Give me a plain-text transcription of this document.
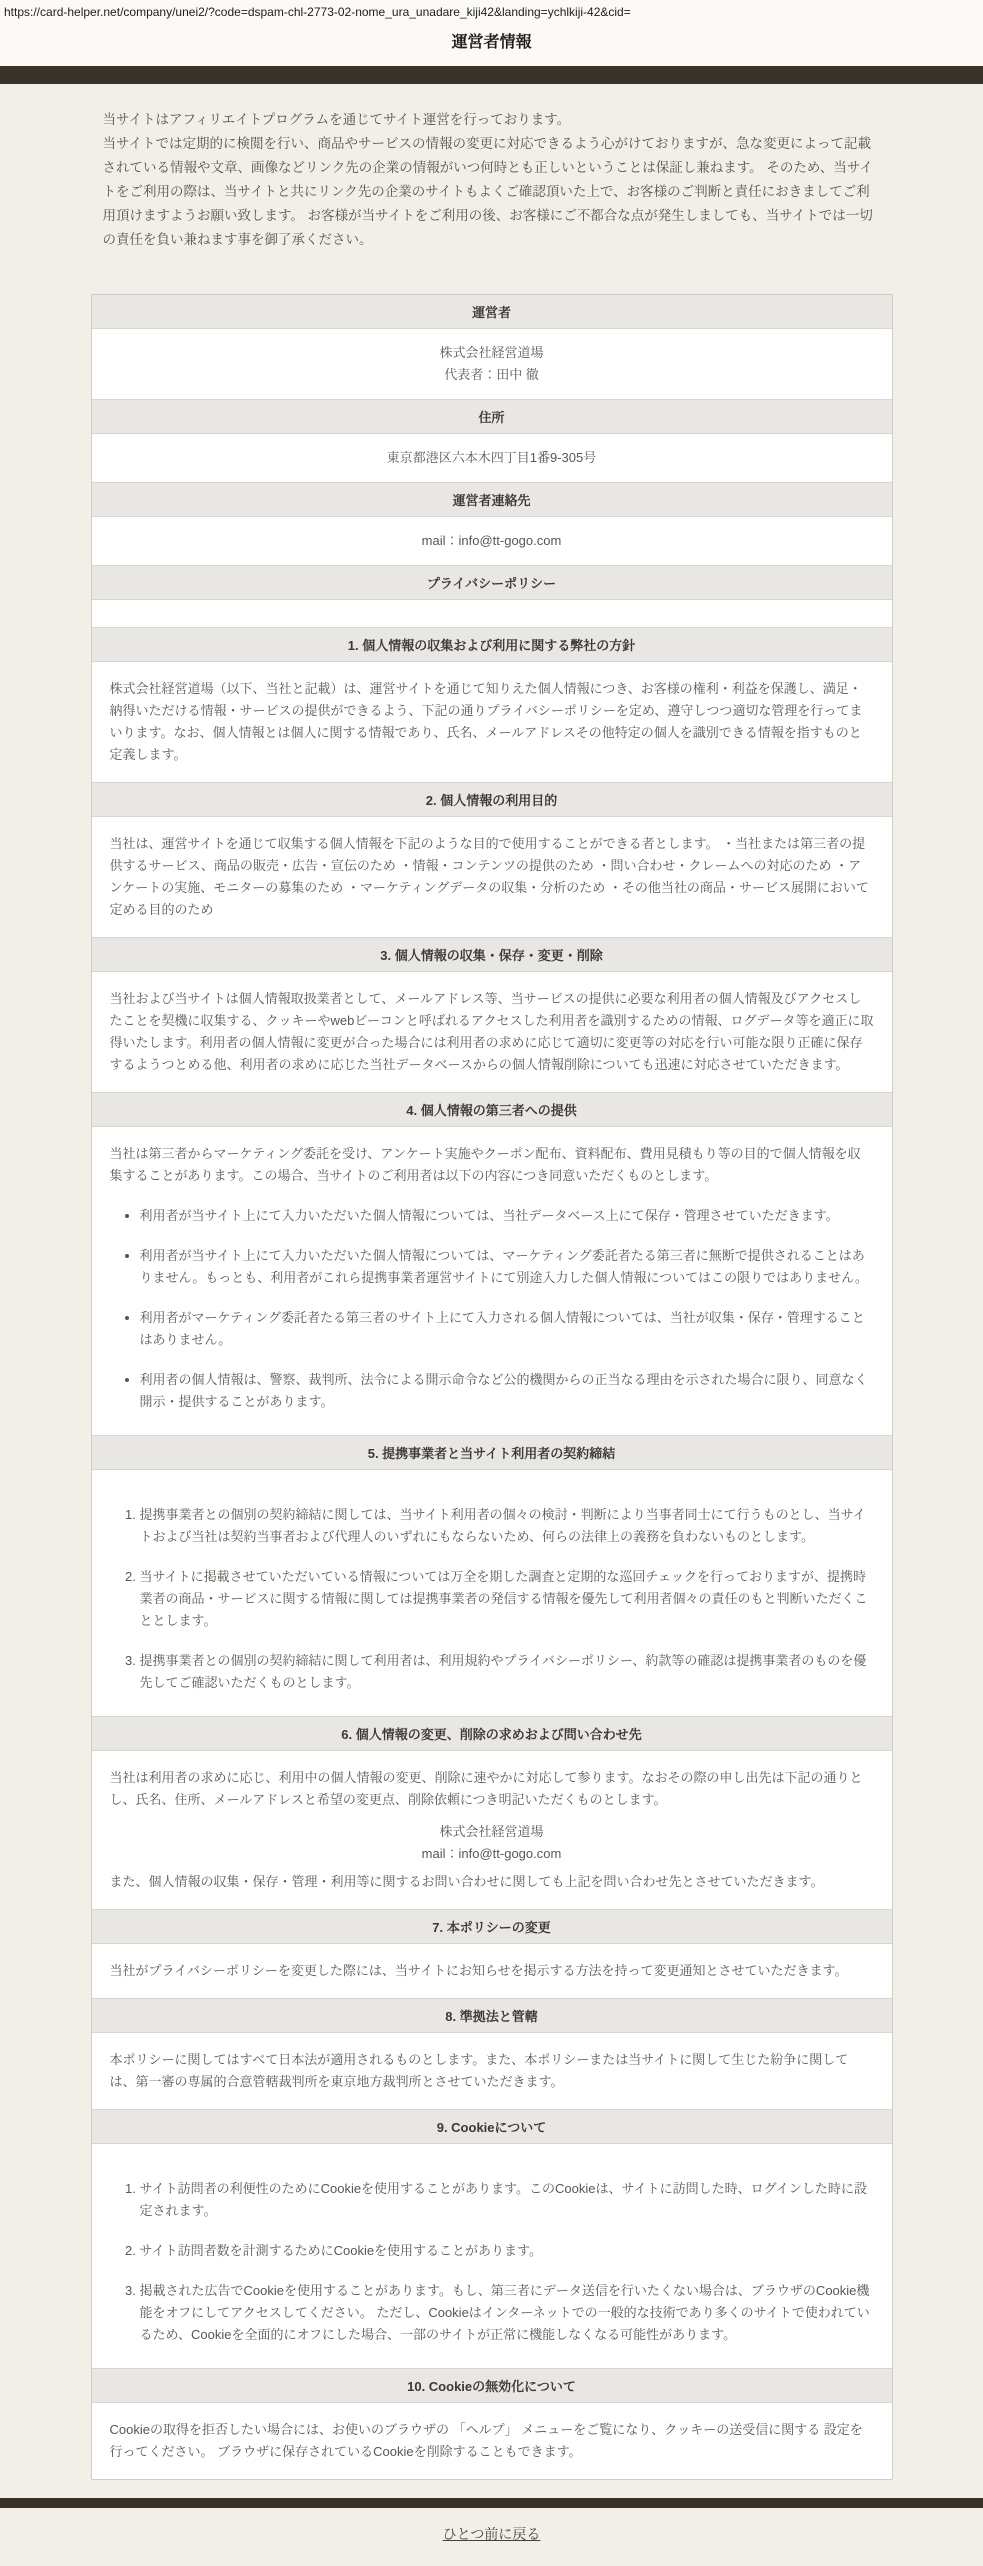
https://card-helper.net/company/unei2/?code=dspam-chl-2773-02-nome_ura_unadare_kiji42&landing=ychlkiji-42&cid=
運営者情報

当サイトはアフィリエイトプログラムを通じてサイト運営を行っております。

当サイトでは定期的に検閲を行い、商品やサービスの情報の変更に対応できるよう心がけておりますが、急な変更によって記載されている情報や文章、画像などリンク先の企業の情報がいつ何時とも正しいということは保証し兼ねます。 そのため、当サイトをご利用の際は、当サイトと共にリンク先の企業のサイトもよくご確認頂いた上で、お客様のご判断と責任におきましてご利用頂けますようお願い致します。 お客様が当サイトをご利用の後、お客様にご不都合な点が発生しましても、当サイトでは一切の責任を負い兼ねます事を御了承ください。

運営者
株式会社経営道場
代表者：田中 徹
住所
東京都港区六本木四丁目1番9-305号
運営者連絡先
mail：info@tt-gogo.com
プライバシーポリシー
1. 個人情報の収集および利用に関する弊社の方針

株式会社経営道場（以下、当社と記載）は、運営サイトを通じて知りえた個人情報につき、お客様の権利・利益を保護し、満足・納得いただける情報・サービスの提供ができるよう、下記の通りプライバシーポリシーを定め、遵守しつつ適切な管理を行ってまいります。なお、個人情報とは個人に関する情報であり、氏名、メールアドレスその他特定の個人を識別できる情報を指すものと定義します。

2. 個人情報の利用目的

当社は、運営サイトを通じて収集する個人情報を下記のような目的で使用することができる者とします。 ・当社または第三者の提供するサービス、商品の販売・広告・宣伝のため ・情報・コンテンツの提供のため ・問い合わせ・クレームへの対応のため ・アンケートの実施、モニターの募集のため ・マーケティングデータの収集・分析のため ・その他当社の商品・サービス展開において定める目的のため

3. 個人情報の収集・保存・変更・削除

当社および当サイトは個人情報取扱業者として、メールアドレス等、当サービスの提供に必要な利用者の個人情報及びアクセスしたことを契機に収集する、クッキーやwebビーコンと呼ばれるアクセスした利用者を識別するための情報、ログデータ等を適正に取得いたします。利用者の個人情報に変更が合った場合には利用者の求めに応じて適切に変更等の対応を行い可能な限り正確に保存するようつとめる他、利用者の求めに応じた当社データベースからの個人情報削除についても迅速に対応させていただきます。

4. 個人情報の第三者への提供

当社は第三者からマーケティング委託を受け、アンケート実施やクーポン配布、資料配布、費用見積もり等の目的で個人情報を収集することがあります。この場合、当サイトのご利用者は以下の内容につき同意いただくものとします。

• 利用者が当サイト上にて入力いただいた個人情報については、当社データベース上にて保存・管理させていただきます。
• 利用者が当サイト上にて入力いただいた個人情報については、マーケティング委託者たる第三者に無断で提供されることはありません。もっとも、利用者がこれら提携事業者運営サイトにて別途入力した個人情報についてはこの限りではありません。
• 利用者がマーケティング委託者たる第三者のサイト上にて入力される個人情報については、当社が収集・保存・管理することはありません。
• 利用者の個人情報は、警察、裁判所、法令による開示命令など公的機関からの正当なる理由を示された場合に限り、同意なく開示・提供することがあります。
5. 提携事業者と当サイト利用者の契約締結
1. 提携事業者との個別の契約締結に関しては、当サイト利用者の個々の検討・判断により当事者同士にて行うものとし、当サイトおよび当社は契約当事者および代理人のいずれにもならないため、何らの法律上の義務を負わないものとします。
2. 当サイトに掲載させていただいている情報については万全を期した調査と定期的な巡回チェックを行っておりますが、提携時業者の商品・サービスに関する情報に関しては提携事業者の発信する情報を優先して利用者個々の責任のもと判断いただくこととします。
3. 提携事業者との個別の契約締結に関して利用者は、利用規約やプライバシーポリシー、約款等の確認は提携事業者のものを優先してご確認いただくものとします。
6. 個人情報の変更、削除の求めおよび問い合わせ先

当社は利用者の求めに応じ、利用中の個人情報の変更、削除に速やかに対応して参ります。なおその際の申し出先は下記の通りとし、氏名、住所、メールアドレスと希望の変更点、削除依頼につき明記いただくものとします。

株式会社経営道場
mail：info@tt-gogo.com

また、個人情報の収集・保存・管理・利用等に関するお問い合わせに関しても上記を問い合わせ先とさせていただきます。

7. 本ポリシーの変更

当社がプライバシーポリシーを変更した際には、当サイトにお知らせを掲示する方法を持って変更通知とさせていただきます。

8. 準拠法と管轄

本ポリシーに関してはすべて日本法が適用されるものとします。また、本ポリシーまたは当サイトに関して生じた紛争に関しては、第一審の専属的合意管轄裁判所を東京地方裁判所とさせていただきます。

9. Cookieについて
1. サイト訪問者の利便性のためにCookieを使用することがあります。このCookieは、サイトに訪問した時、ログインした時に設定されます。
2. サイト訪問者数を計測するためにCookieを使用することがあります。
3. 掲載された広告でCookieを使用することがあります。もし、第三者にデータ送信を行いたくない場合は、ブラウザのCookie機能をオフにしてアクセスしてください。 ただし、Cookieはインターネットでの一般的な技術であり多くのサイトで使われているため、Cookieを全面的にオフにした場合、一部のサイトが正常に機能しなくなる可能性があります。
10. Cookieの無効化について

Cookieの取得を拒否したい場合には、お使いのブラウザの 「ヘルプ」 メニューをご覧になり、クッキーの送受信に関する 設定を行ってください。 ブラウザに保存されているCookieを削除することもできます。

ひとつ前に戻る
